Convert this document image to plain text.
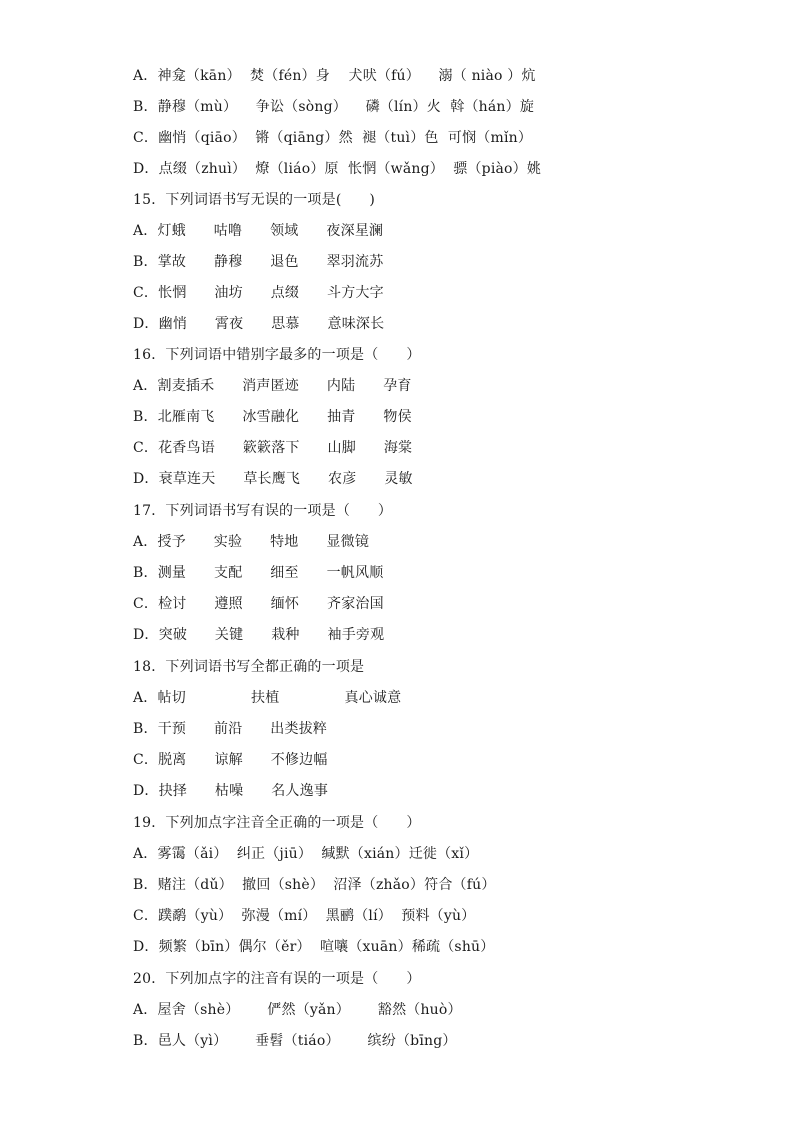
A．神龛（kān）  焚（fén）身    犬吠（fú）    溺（ niào ）炕
B．静穆（mù）    争讼（sòng）    磷（lín）火  斡（hán）旋
C．幽悄（qiāo）  锵（qiāng）然  褪（tuì）色  可悯（mǐn）
D．点缀（zhuì）  燎（liáo）原  怅惘（wǎng）  骠（piào）姚
15．下列词语书写无误的一项是(      )
A．灯蛾      咕噜      领域      夜深星澜
B．掌故      静穆      退色      翠羽流苏
C．怅惘      油坊      点缀      斗方大字
D．幽悄      霄夜      思慕      意味深长
16．下列词语中错别字最多的一项是（      ）
A．割麦插禾      消声匿迹      内陆      孕育
B．北雁南飞      冰雪融化      抽青      物侯
C．花香鸟语      簌簌落下      山脚      海棠
D．衰草连天      草长鹰飞      农彦      灵敏
17．下列词语书写有误的一项是（      ）
A．授予      实验      特地      显微镜
B．测量      支配      细至      一帆风顺
C．检讨      遵照      缅怀      齐家治国
D．突破      关键      栽种      袖手旁观
18．下列词语书写全都正确的一项是
A．帖切              扶植              真心诚意
B．干预      前沿      出类拔粹
C．脱离      谅解      不修边幅
D．抉择      枯噪      名人逸事
19．下列加点字注音全正确的一项是（      ）
A．雾霭（ǎi）  纠正（jiū）  缄默（xián）迁徙（xǐ）
B．赌注（dǔ）  撤回（shè）  沼泽（zhǎo）符合（fú）
C．蹼鹬（yù）  弥漫（mí）  黑鹂（lí）  预料（yù）
D．频繁（bīn）偶尔（ěr）  喧嚷（xuān）稀疏（shū）
20．下列加点字的注音有误的一项是（      ）
A．屋舍（shè）      俨然（yǎn）      豁然（huò）
B．邑人（yì）      垂髫（tiáo）      缤纷（bīng）
